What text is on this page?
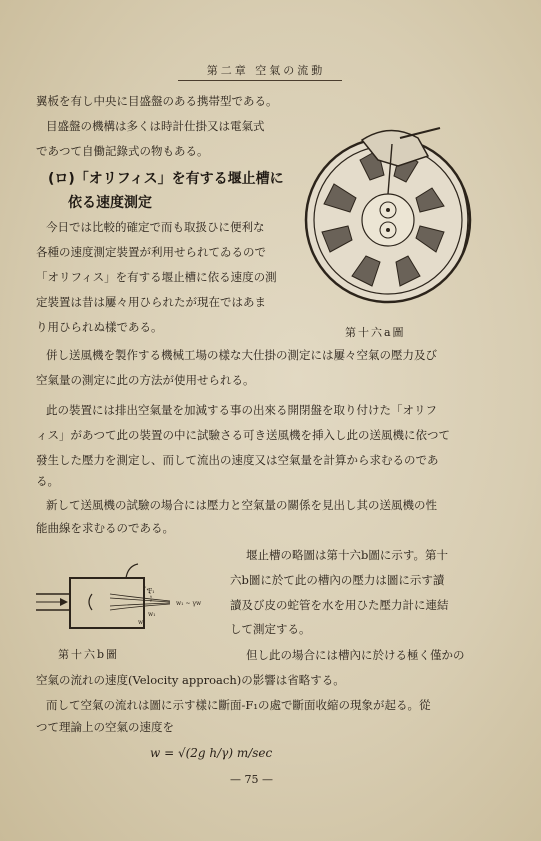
第二章 空氣の流動
翼板を有し中央に目盛盤のある携帯型である。
目盛盤の機構は多くは時計仕掛又は電氣式
であつて自働記錄式の物もある。
(ロ)「オリフィス」を有する堰止槽に
依る速度測定
今日では比較的確定で而も取扱ひに便利な
各種の速度測定裝置が利用せられてゐるので
「オリフィス」を有する堰止槽に依る速度の測
定裝置は昔は屢々用ひられたが現在ではあま
り用ひられぬ樣である。	第十六a圖
併し送風機を製作する機械工場の樣な大仕掛の測定には屢々空氣の壓力及び
空氣量の測定に此の方法が使用せられる。
此の裝置には排出空氣量を加減する事の出來る開閉盤を取り付けた「オリフ
ィス」があつて此の裝置の中に試驗さる可き送風機を挿入し此の送風機に依つて
發生した壓力を測定し、而して流出の速度又は空氣量を計算から求むるのであ
る。
新して送風機の試驗の場合には壓力と空氣量の關係を見出し其の送風機の性
能曲線を求むるのである。
堰止槽の略圖は第十六b圖に示す。第十
六b圖に於て此の槽內の壓力は圖に示す讀
讀及び皮の蛇管を水を用ひた壓力計に連結
して測定する。
F₁
w₁
w₁ ~ γw
w
第十六b圖	但し此の場合には槽內に於ける極く僅かの
空氣の流れの速度(Velocity approach)の影響は省略する。
而して空氣の流れは圖に示す樣に斷面-F₁の處で斷面收縮の現象が起る。從
つて理論上の空氣の速度を
w = √(2g h/γ) m/sec
— 75 —
